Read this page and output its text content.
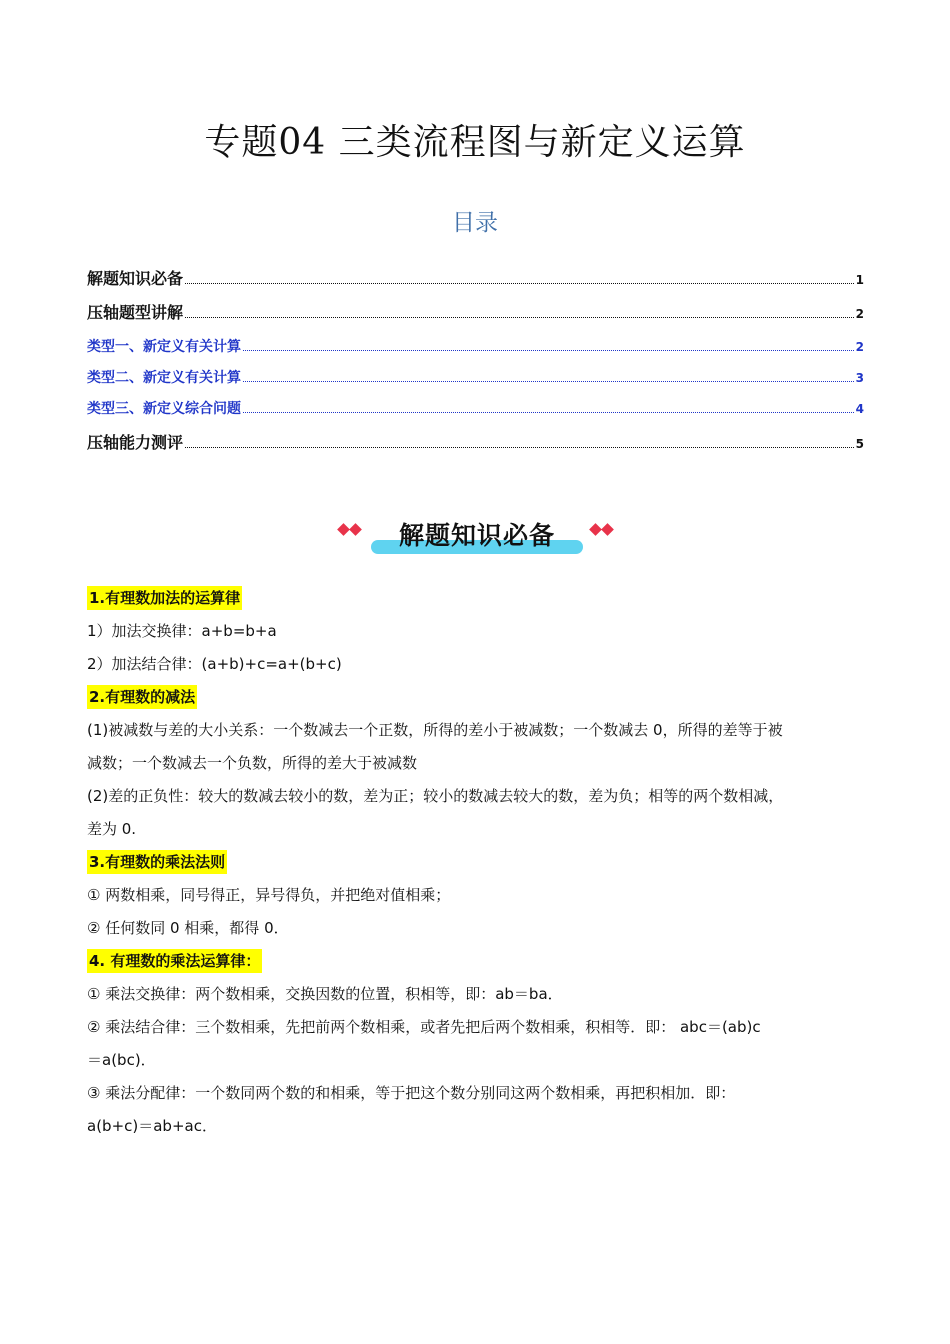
专题04 三类流程图与新定义运算
目录
解题知识必备	1
压轴题型讲解	2
类型一、新定义有关计算	2
类型二、新定义有关计算	3
类型三、新定义综合问题	4
压轴能力测评	5
解题知识必备
1.有理数加法的运算律
1）加法交换律：a+b=b+a
2）加法结合律：(a+b)+c=a+(b+c)
2.有理数的减法
(1)被减数与差的大小关系：一个数减去一个正数，所得的差小于被减数；一个数减去 0，所得的差等于被
减数；一个数减去一个负数，所得的差大于被减数
(2)差的正负性：较大的数减去较小的数，差为正；较小的数减去较大的数，差为负；相等的两个数相减，
差为 0.
3.有理数的乘法法则
① 两数相乘，同号得正，异号得负，并把绝对值相乘；
② 任何数同 0 相乘，都得 0．
4. 有理数的乘法运算律：
① 乘法交换律：两个数相乘，交换因数的位置，积相等，即：ab＝ba．
② 乘法结合律：三个数相乘，先把前两个数相乘，或者先把后两个数相乘，积相等．即： abc＝(ab)c
＝a(bc)．
③ 乘法分配律：一个数同两个数的和相乘，等于把这个数分别同这两个数相乘，再把积相加．即：
a(b+c)＝ab+ac．
